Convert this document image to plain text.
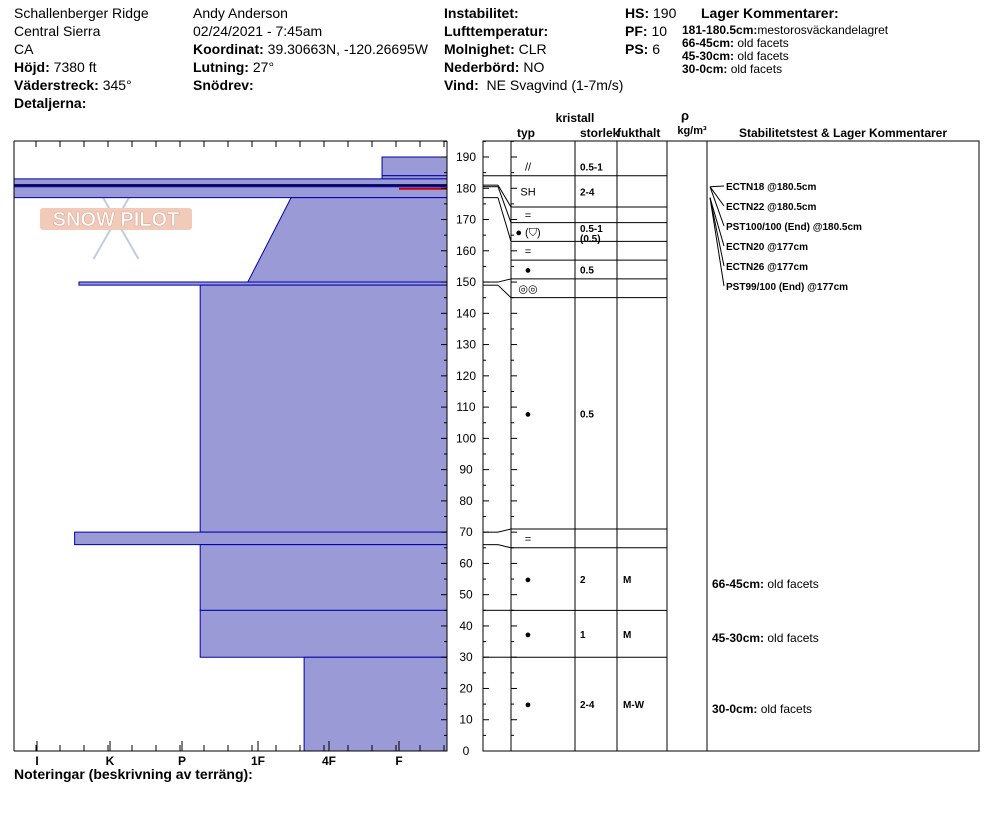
Schallenberger Ridge
Central Sierra
CA
Höjd: 7380 ft
Väderstreck: 345°
Detaljerna:
Andy Anderson
02/24/2021 - 7:45am
Koordinat: 39.30663N, -120.26695W
Lutning: 27°
Snödrev:
Instabilitet:
Lufttemperatur:
Molnighet: CLR
Nederbörd: NO
Vind: NE Svagvind (1-7m/s)
HS: 190
PF: 10
PS: 6
Lager Kommentarer:
181-180.5cm:mestorosväckandelagret
66-45cm: old facets
45-30cm: old facets
30-0cm: old facets
SNOW PILOT
0
10
20
30
40
50
60
70
80
90
100
110
120
130
140
150
160
170
180
190
I	K	P	1F	4F	F
kristall
typ	storlek
fukthalt
ρ
kg/m³	Stabilitetstest & Lager Kommentarer
//	0.5-1
SH	2-4
=
● (⛉)	0.5-1
(0.5)
=
●	0.5
◎◎
●	0.5
=
●	2	M
●	1	M
●	2-4	M-W
ECTN18 @180.5cm
ECTN22 @180.5cm
PST100/100 (End) @180.5cm
ECTN20 @177cm
ECTN26 @177cm
PST99/100 (End) @177cm
66-45cm: old facets
45-30cm: old facets
30-0cm: old facets
Noteringar (beskrivning av terräng):
